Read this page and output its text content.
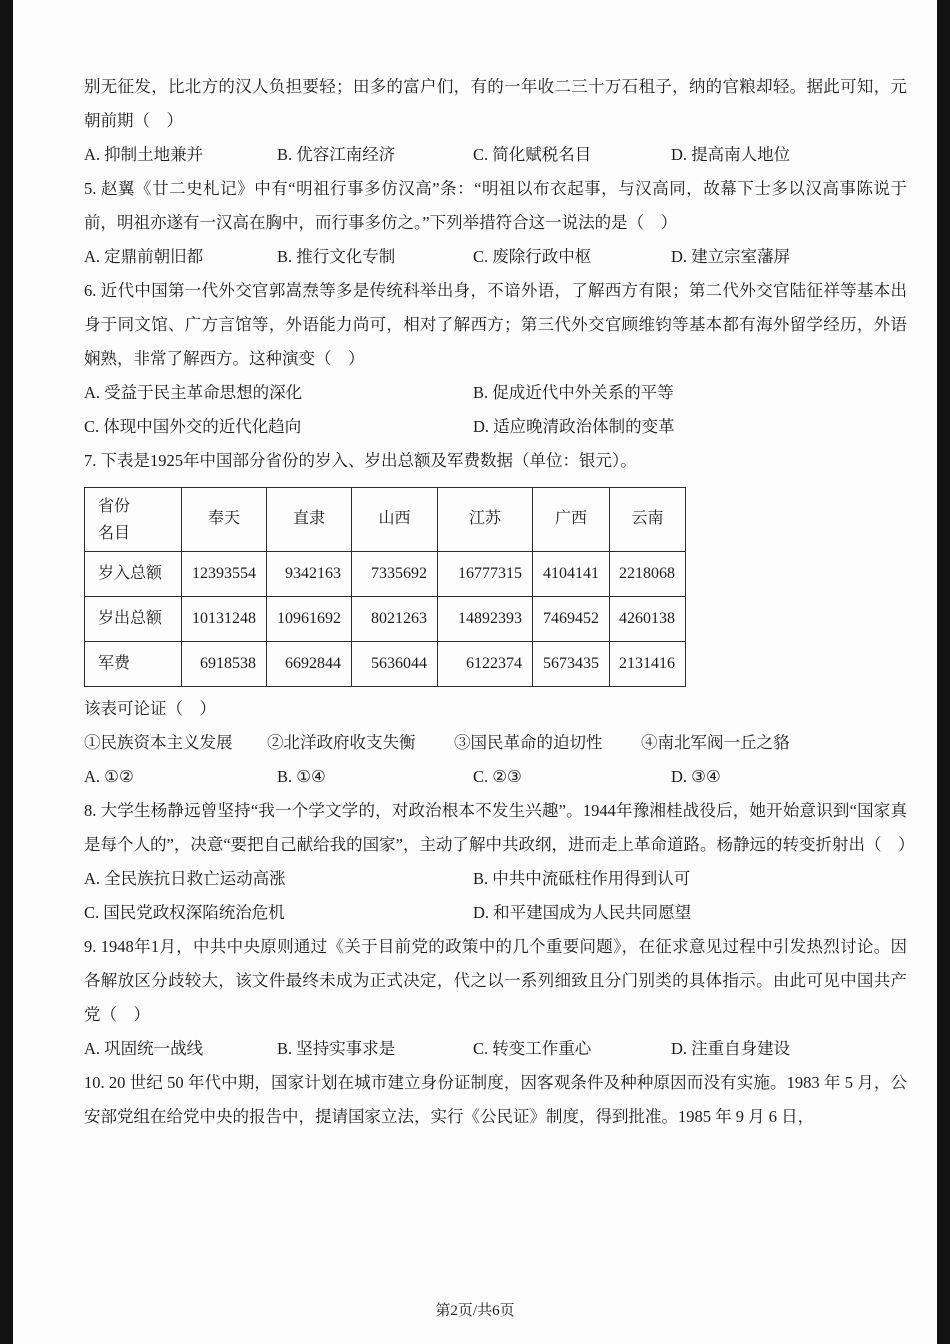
别无征发，比北方的汉人负担要轻；田多的富户们，有的一年收二三十万石租子，纳的官粮却轻。据此可知，元朝前期（　）

A. 抑制土地兼并	B. 优容江南经济	C. 简化赋税名目	D. 提高南人地位

5. 赵翼《廿二史札记》中有“明祖行事多仿汉高”条：“明祖以布衣起事，与汉高同，故幕下士多以汉高事陈说于前，明祖亦遂有一汉高在胸中，而行事多仿之。”下列举措符合这一说法的是（　）

A. 定鼎前朝旧都	B. 推行文化专制	C. 废除行政中枢	D. 建立宗室藩屏

6. 近代中国第一代外交官郭嵩焘等多是传统科举出身，不谙外语，了解西方有限；第二代外交官陆征祥等基本出身于同文馆、广方言馆等，外语能力尚可，相对了解西方；第三代外交官顾维钧等基本都有海外留学经历，外语娴熟，非常了解西方。这种演变（　）

A. 受益于民主革命思想的深化	B. 促成近代中外关系的平等
C. 体现中国外交的近代化趋向	D. 适应晚清政治体制的变革

7. 下表是1925年中国部分省份的岁入、岁出总额及军费数据（单位：银元）。

省份
名目	奉天	直隶	山西	江苏	广西	云南
岁入总额	12393554	9342163	7335692	16777315	4104141	2218068
岁出总额	10131248	10961692	8021263	14892393	7469452	4260138
军费	6918538	6692844	5636044	6122374	5673435	2131416

该表可论证（　）

①民族资本主义发展	②北洋政府收支失衡	③国民革命的迫切性	④南北军阀一丘之貉
A. ①②	B. ①④	C. ②③	D. ③④

8. 大学生杨静远曾坚持“我一个学文学的，对政治根本不发生兴趣”。1944年豫湘桂战役后，她开始意识到“国家真是每个人的”，决意“要把自己献给我的国家”，主动了解中共政纲，进而走上革命道路。杨静远的转变折射出（　）

A. 全民族抗日救亡运动高涨	B. 中共中流砥柱作用得到认可
C. 国民党政权深陷统治危机	D. 和平建国成为人民共同愿望

9. 1948年1月，中共中央原则通过《关于目前党的政策中的几个重要问题》，在征求意见过程中引发热烈讨论。因各解放区分歧较大，该文件最终未成为正式决定，代之以一系列细致且分门别类的具体指示。由此可见中国共产党（　）

A. 巩固统一战线	B. 坚持实事求是	C. 转变工作重心	D. 注重自身建设

10. 20 世纪 50 年代中期，国家计划在城市建立身份证制度，因客观条件及种种原因而没有实施。1983 年 5 月，公安部党组在给党中央的报告中，提请国家立法，实行《公民证》制度，得到批准。1985 年 9 月 6 日，

第2页/共6页
